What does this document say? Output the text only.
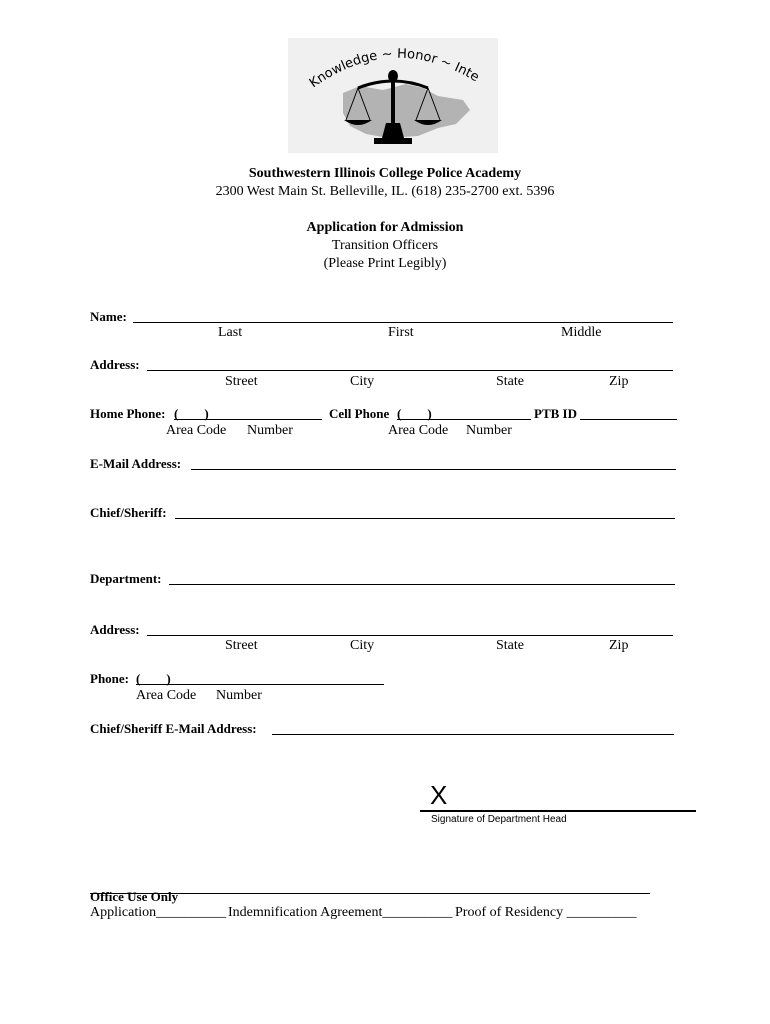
Knowledge ~ Honor ~ Inte
Southwestern Illinois College Police Academy
2300 West Main St. Belleville, IL. (618) 235-2700 ext. 5396
Application for Admission
Transition Officers
(Please Print Legibly)
Name:
Last	First	Middle
Address:
Street	City	State	Zip
Home Phone: (____)	Cell Phone (____)	PTB ID
Area Code Number	Area Code Number
E-Mail Address:
Chief/Sheriff:
Department:
Address:
Street	City	State	Zip
Phone: (____)
Area Code Number
Chief/Sheriff E-Mail Address:
X
Signature of Department Head
Office Use Only
Application__________ Indemnification Agreement__________ Proof of Residency __________
